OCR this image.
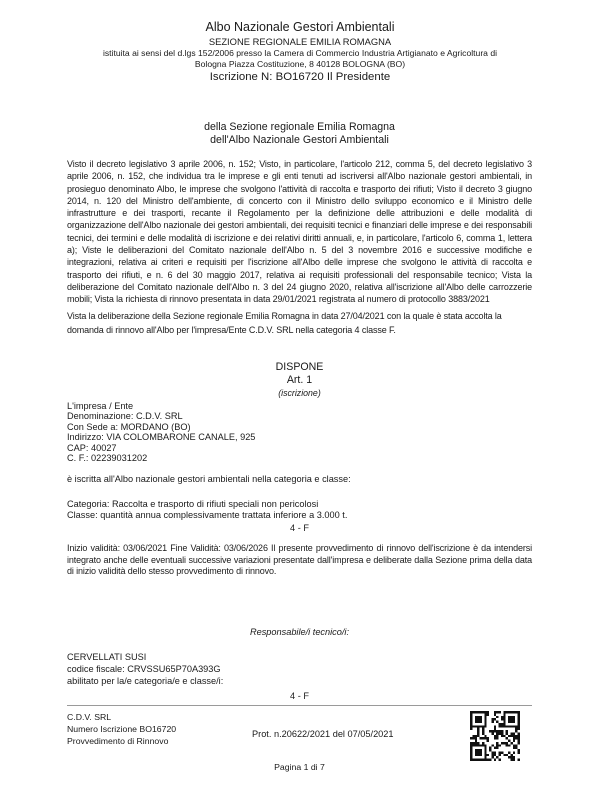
Albo Nazionale Gestori Ambientali
SEZIONE REGIONALE EMILIA ROMAGNA
istituita ai sensi del d.lgs 152/2006 presso la Camera di Commercio Industria Artigianato e Agricoltura di
Bologna Piazza Costituzione, 8 40128 BOLOGNA (BO)
Iscrizione N: BO16720 Il Presidente
della Sezione regionale Emilia Romagna
dell'Albo Nazionale Gestori Ambientali
Visto il decreto legislativo 3 aprile 2006, n. 152; Visto, in particolare, l'articolo 212, comma 5, del decreto legislativo 3 aprile 2006, n. 152, che individua tra le imprese e gli enti tenuti ad iscriversi all'Albo nazionale gestori ambientali, in prosieguo denominato Albo, le imprese che svolgono l'attività di raccolta e trasporto dei rifiuti; Visto il decreto 3 giugno 2014, n. 120 del Ministro dell'ambiente, di concerto con il Ministro dello sviluppo economico e il Ministro delle infrastrutture e dei trasporti, recante il Regolamento per la definizione delle attribuzioni e delle modalità di organizzazione dell'Albo nazionale dei gestori ambientali, dei requisiti tecnici e finanziari delle imprese e dei responsabili tecnici, dei termini e delle modalità di iscrizione e dei relativi diritti annuali, e, in particolare, l'articolo 6, comma 1, lettera a); Viste le deliberazioni del Comitato nazionale dell'Albo n. 5 del 3 novembre 2016 e successive modifiche e integrazioni, relativa ai criteri e requisiti per l'iscrizione all'Albo delle imprese che svolgono le attività di raccolta e trasporto dei rifiuti, e n. 6 del 30 maggio 2017, relativa ai requisiti professionali del responsabile tecnico; Vista la deliberazione del Comitato nazionale dell'Albo n. 3 del 24 giugno 2020, relativa all'iscrizione all'Albo delle carrozzerie mobili; Vista la richiesta di rinnovo presentata in data 29/01/2021 registrata al numero di protocollo 3883/2021
Vista la deliberazione della Sezione regionale Emilia Romagna in data 27/04/2021 con la quale è stata accolta la
domanda di rinnovo all'Albo per l'impresa/Ente C.D.V. SRL nella categoria 4 classe F.
DISPONE
Art. 1
(iscrizione)
L'impresa / Ente
Denominazione: C.D.V. SRL
Con Sede a: MORDANO (BO)
Indirizzo: VIA COLOMBARONE CANALE, 925
CAP: 40027
C. F.: 02239031202
è iscritta all'Albo nazionale gestori ambientali nella categoria e classe:
Categoria: Raccolta e trasporto di rifiuti speciali non pericolosi
Classe: quantità annua complessivamente trattata inferiore a 3.000 t.
4 - F
Inizio validità: 03/06/2021 Fine Validità: 03/06/2026 Il presente provvedimento di rinnovo dell'iscrizione è da intendersi integrato anche delle eventuali successive variazioni presentate dall'impresa e deliberate dalla Sezione prima della data di inizio validità dello stesso provvedimento di rinnovo.
Responsabile/i tecnico/i:
CERVELLATI SUSI
codice fiscale: CRVSSU65P70A393G
abilitato per la/e categoria/e e classe/i:
4 - F
C.D.V. SRL
Numero Iscrizione BO16720
Provvedimento di Rinnovo
Prot. n.20622/2021 del 07/05/2021
Pagina 1 di 7
